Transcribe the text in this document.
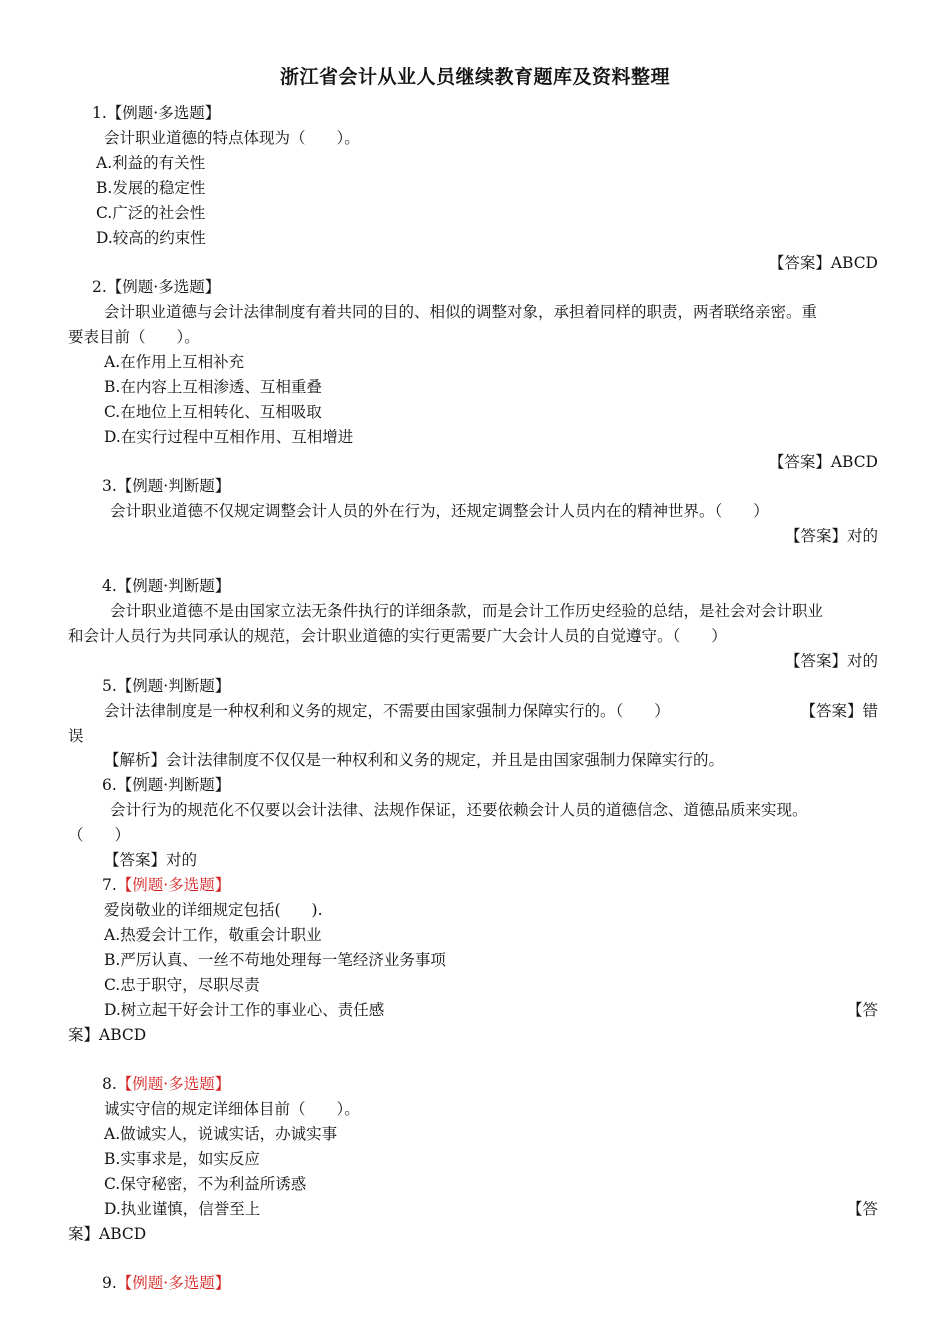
浙江省会计从业人员继续教育题库及资料整理
1.【例题·多选题】
会计职业道德的特点体现为（　　）。
A.利益的有关性
B.发展的稳定性
C.广泛的社会性
D.较高的约束性
【答案】ABCD
2.【例题·多选题】
会计职业道德与会计法律制度有着共同的目的、相似的调整对象，承担着同样的职责，两者联络亲密。重
要表目前（　　）。
A.在作用上互相补充
B.在内容上互相渗透、互相重叠
C.在地位上互相转化、互相吸取
D.在实行过程中互相作用、互相增进
【答案】ABCD
3.【例题·判断题】
会计职业道德不仅规定调整会计人员的外在行为，还规定调整会计人员内在的精神世界。（　　）
【答案】对的
4.【例题·判断题】
会计职业道德不是由国家立法无条件执行的详细条款，而是会计工作历史经验的总结，是社会对会计职业
和会计人员行为共同承认的规范，会计职业道德的实行更需要广大会计人员的自觉遵守。（　　）
【答案】对的
5.【例题·判断题】
会计法律制度是一种权利和义务的规定，不需要由国家强制力保障实行的。（　　）	【答案】错
误
【解析】会计法律制度不仅仅是一种权利和义务的规定，并且是由国家强制力保障实行的。
6.【例题·判断题】
会计行为的规范化不仅要以会计法律、法规作保证，还要依赖会计人员的道德信念、道德品质来实现。
（　　）
【答案】对的
7.【例题·多选题】
爱岗敬业的详细规定包括(　　).
A.热爱会计工作，敬重会计职业
B.严厉认真、一丝不苟地处理每一笔经济业务事项
C.忠于职守，尽职尽责
D.树立起干好会计工作的事业心、责任感	【答
案】ABCD
8.【例题·多选题】
诚实守信的规定详细体目前（　　）。
A.做诚实人，说诚实话，办诚实事
B.实事求是，如实反应
C.保守秘密，不为利益所诱惑
D.执业谨慎，信誉至上	【答
案】ABCD
9.【例题·多选题】
